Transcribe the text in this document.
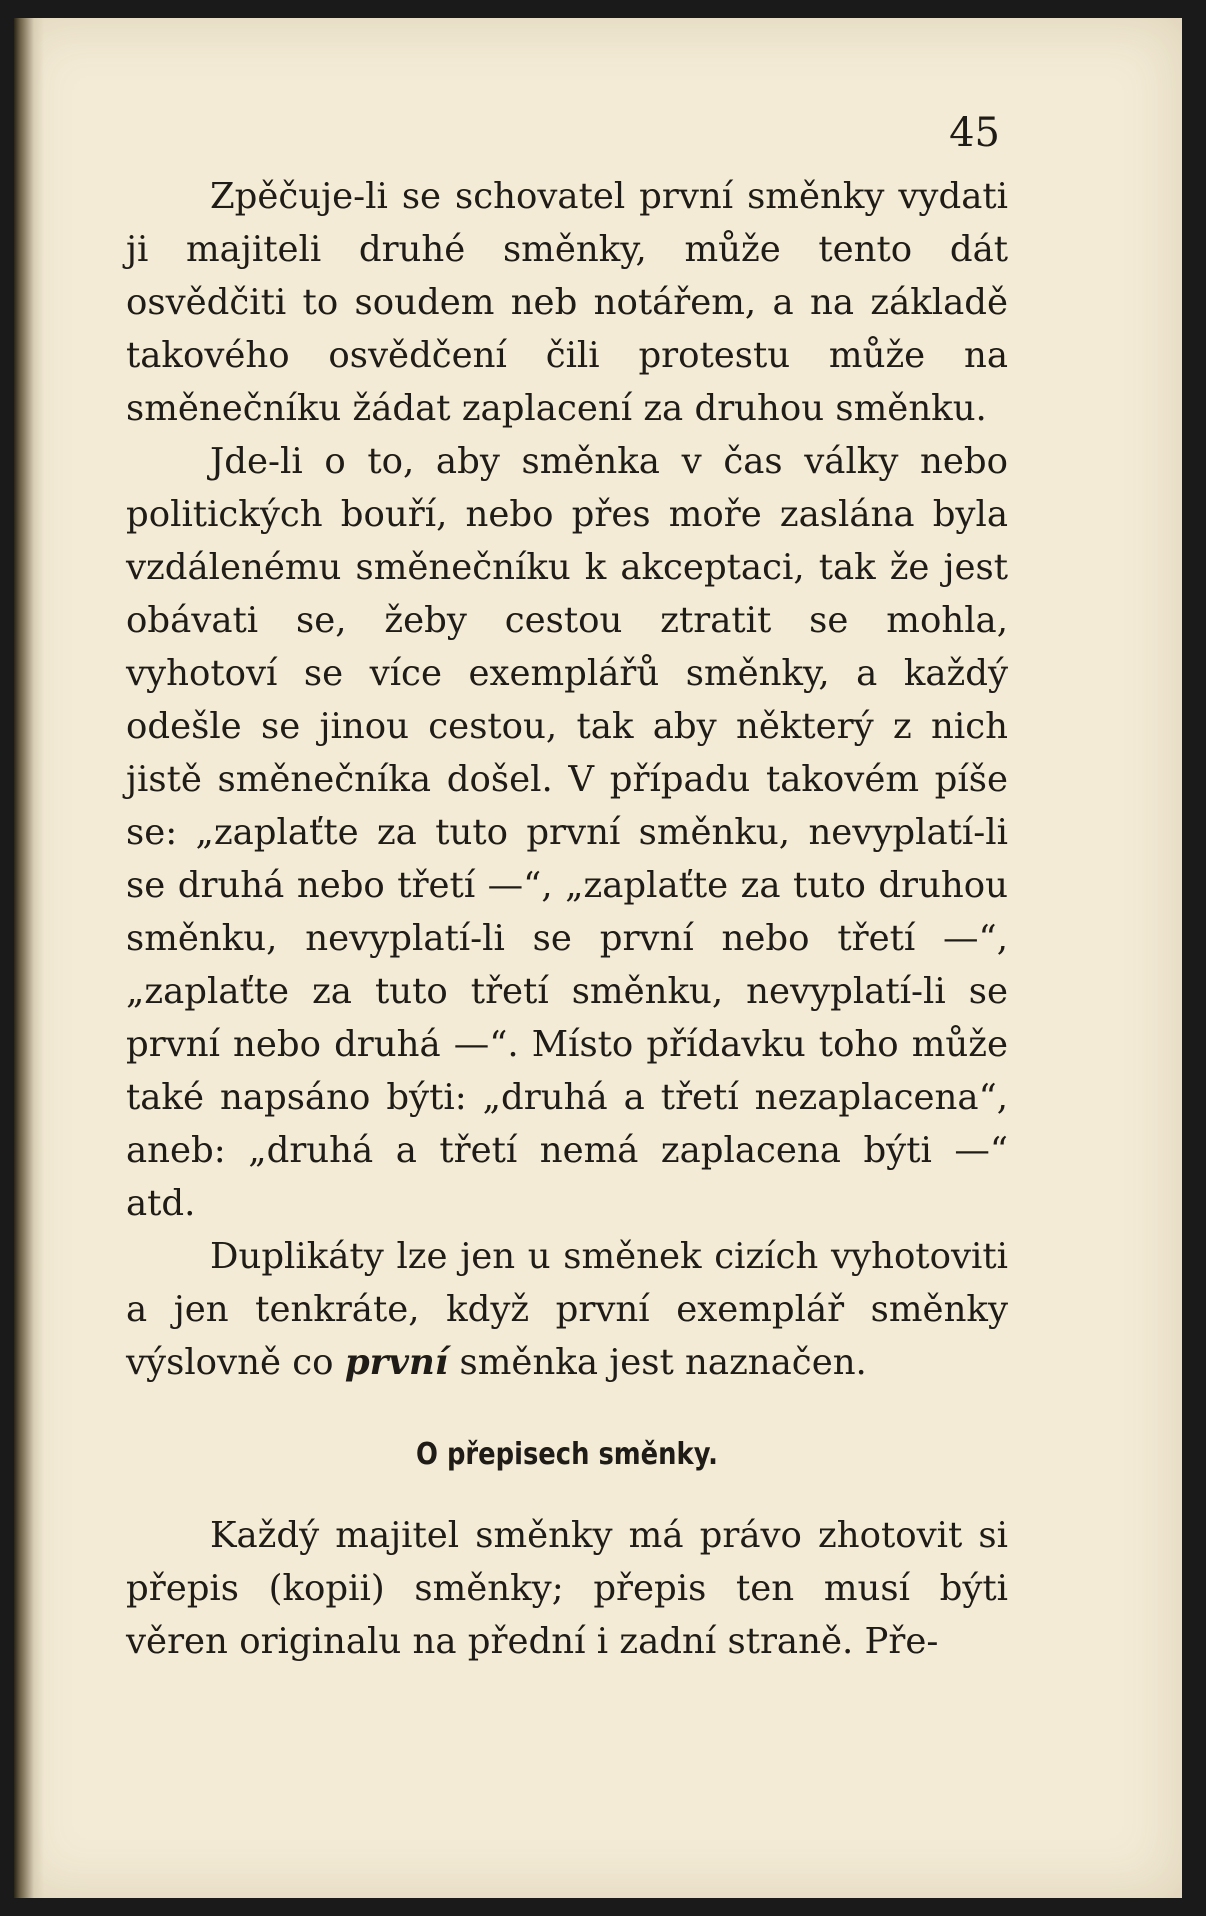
45

Zpěčuje-li se schovatel první směnky vydati ji majiteli druhé směnky, může tento dát osvědčiti to soudem neb notářem, a na základě takového osvědčení čili protestu může na směnečníku žádat zaplacení za druhou směnku.

Jde-li o to, aby směnka v čas války nebo politických bouří, nebo přes moře zaslána byla vzdálenému směnečníku k akceptaci, tak že jest obávati se, žeby cestou ztratit se mohla, vyhotoví se více exemplářů směnky, a každý odešle se jinou cestou, tak aby některý z nich jistě směnečníka došel. V případu takovém píše se: „zaplaťte za tuto první směnku, nevyplatí-li se druhá nebo třetí —“, „zaplaťte za tuto druhou směnku, nevyplatí-li se první nebo třetí —“, „zaplaťte za tuto třetí směnku, nevyplatí-li se první nebo druhá —“. Místo přídavku toho může také napsáno býti: „druhá a třetí nezaplacena“, aneb: „druhá a třetí nemá zaplacena býti —“ atd.

Duplikáty lze jen u směnek cizích vyhotoviti a jen tenkráte, když první exemplář směnky výslovně co první směnka jest naznačen.

O přepisech směnky.

Každý majitel směnky má právo zhotovit si přepis (kopii) směnky; přepis ten musí býti věren originalu na přední i zadní straně. Pře-
